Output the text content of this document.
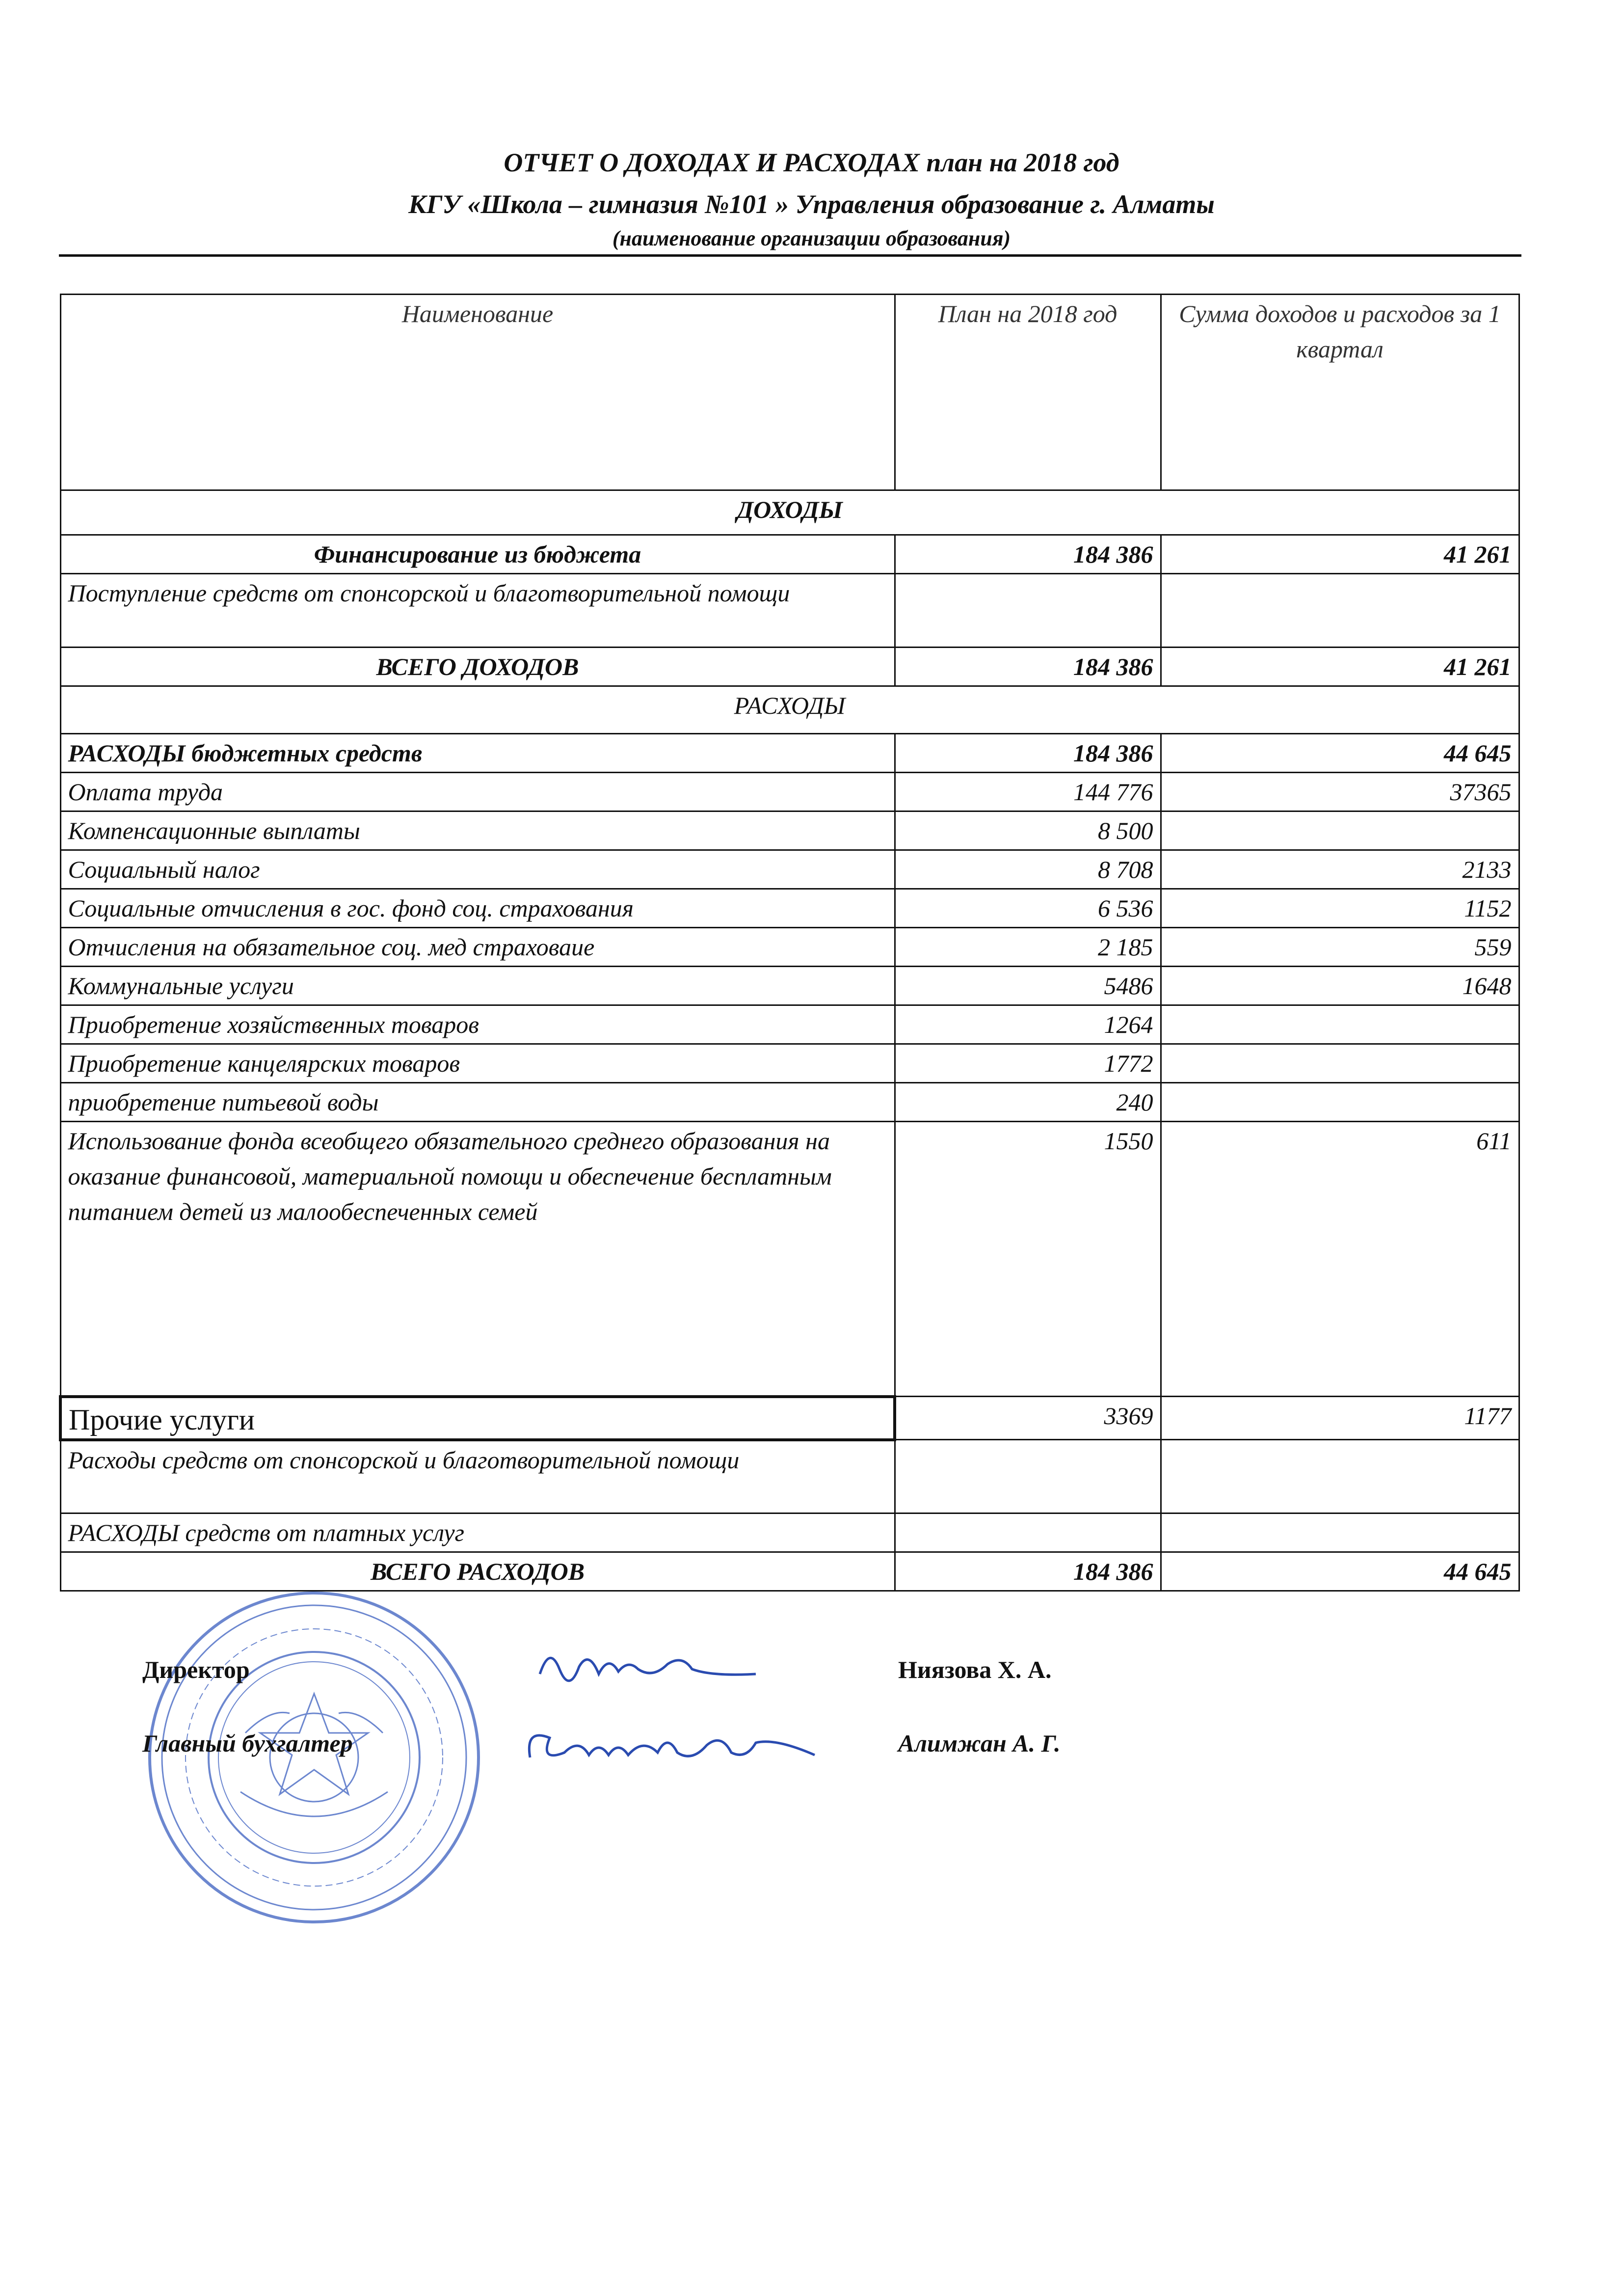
ОТЧЕТ О ДОХОДАХ И РАСХОДАХ план на 2018 год
КГУ «Школа – гимназия №101 » Управления образование г. Алматы
(наименование организации образования)
Наименование	План на 2018 год	Сумма доходов и расходов за 1 квартал
ДОХОДЫ		
Финансирование из бюджета	184 386	41 261
Поступление средств от спонсорской и благотворительной помощи		
ВСЕГО ДОХОДОВ	184 386	41 261
РАСХОДЫ		
РАСХОДЫ бюджетных средств	184 386	44 645
Оплата труда	144 776	37365
Компенсационные выплаты	8 500	
Социальный налог	8 708	2133
Социальные отчисления в гос. фонд соц. страхования	6 536	1152
Отчисления на обязательное соц. мед страховаие	2 185	559
Коммунальные услуги	5486	1648
Приобретение хозяйственных товаров	1264	
Приобретение канцелярских товаров	1772	
приобретение питьевой воды	240	
Использование фонда всеобщего обязательного среднего образования на оказание финансовой, материальной помощи и обеспечение бесплатным питанием детей из малообеспеченных семей	1550	611
Прочие услуги	3369	1177
Расходы средств от спонсорской и благотворительной помощи		
РАСХОДЫ средств от платных услуг		
ВСЕГО РАСХОДОВ	184 386	44 645
Директор	Ниязова Х. А.
Главный бухгалтер	Алимжан А. Г.
